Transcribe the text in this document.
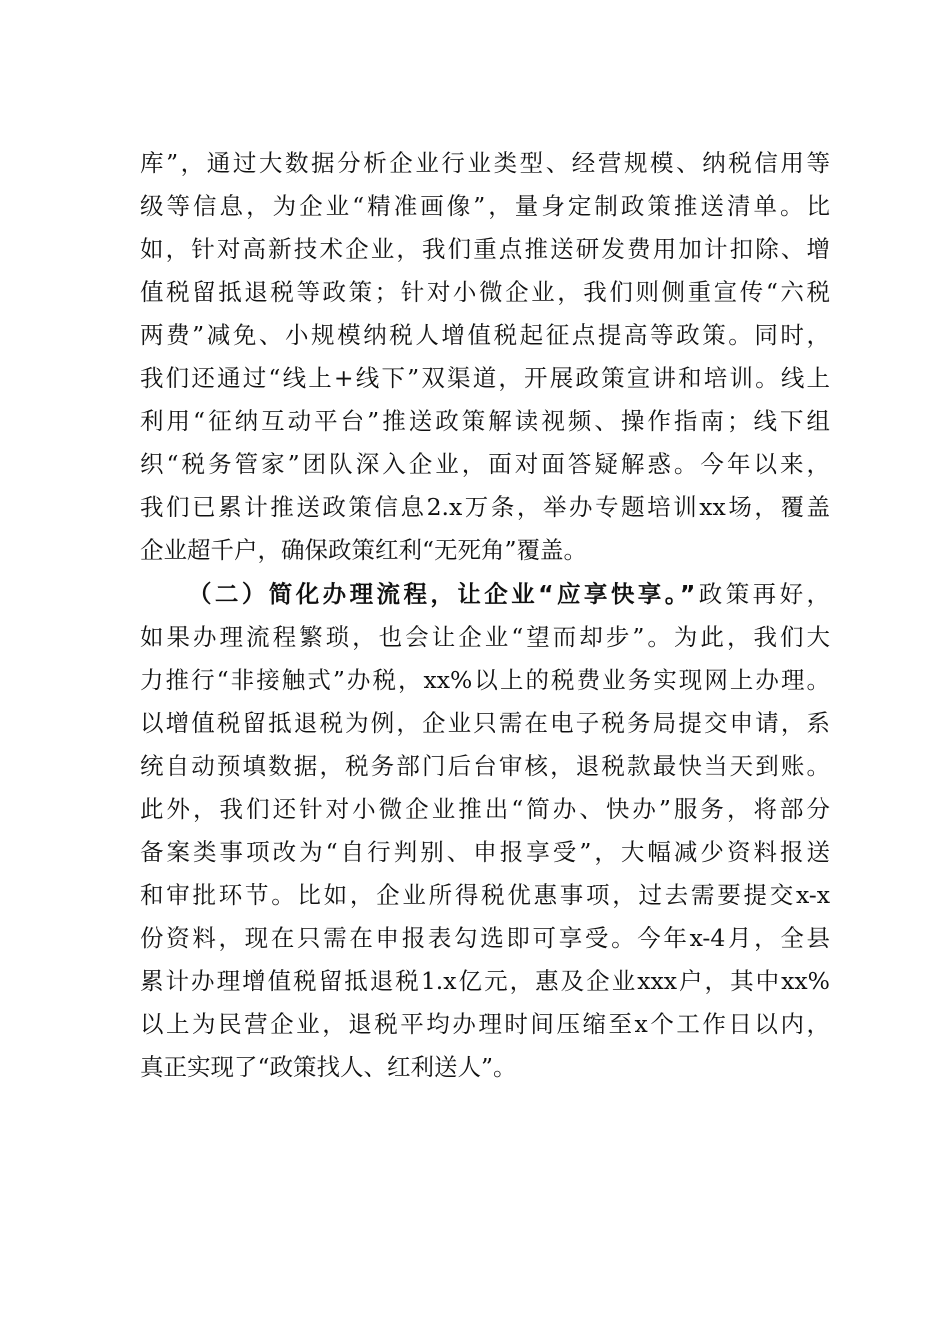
库”，通过大数据分析企业行业类型、经营规模、纳税信用等
级等信息，为企业“精准画像”，量身定制政策推送清单。比
如，针对高新技术企业，我们重点推送研发费用加计扣除、增
值税留抵退税等政策；针对小微企业，我们则侧重宣传“六税
两费”减免、小规模纳税人增值税起征点提高等政策。同时，
我们还通过“线上+线下”双渠道，开展政策宣讲和培训。线上
利用“征纳互动平台”推送政策解读视频、操作指南；线下组
织“税务管家”团队深入企业，面对面答疑解惑。今年以来，
我们已累计推送政策信息2.x万条，举办专题培训xx场，覆盖
企业超千户，确保政策红利“无死角”覆盖。
（二）简化办理流程，让企业“应享快享。”政策再好，
如果办理流程繁琐，也会让企业“望而却步”。为此，我们大
力推行“非接触式”办税，xx%以上的税费业务实现网上办理。
以增值税留抵退税为例，企业只需在电子税务局提交申请，系
统自动预填数据，税务部门后台审核，退税款最快当天到账。
此外，我们还针对小微企业推出“简办、快办”服务，将部分
备案类事项改为“自行判别、申报享受”，大幅减少资料报送
和审批环节。比如，企业所得税优惠事项，过去需要提交x-x
份资料，现在只需在申报表勾选即可享受。今年x-4月，全县
累计办理增值税留抵退税1.x亿元，惠及企业xxx户，其中xx%
以上为民营企业，退税平均办理时间压缩至x个工作日以内，
真正实现了“政策找人、红利送人”。
